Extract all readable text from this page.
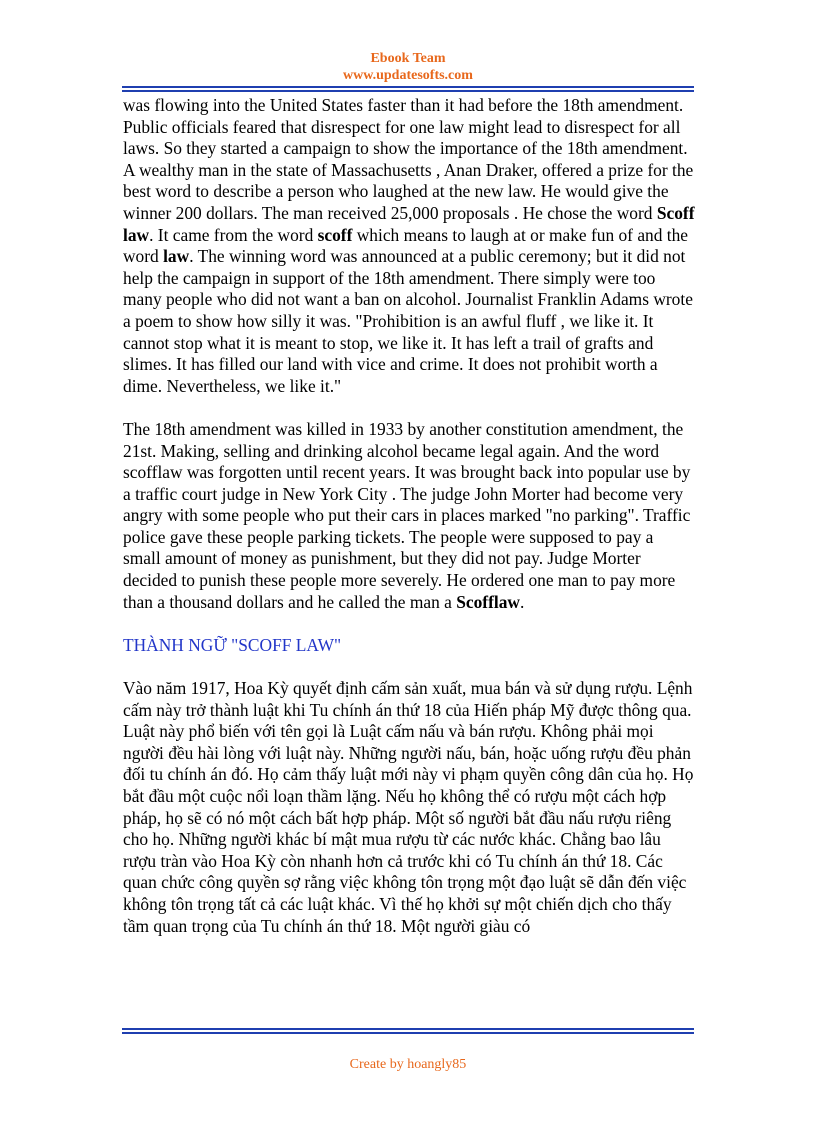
Ebook Team
www.updatesofts.com

was flowing into the United States faster than it had before the 18th amendment. Public officials feared that disrespect for one law might lead to disrespect for all laws. So they started a campaign to show the importance of the 18th amendment. A wealthy man in the state of Massachusetts , Anan Draker, offered a prize for the best word to describe a person who laughed at the new law. He would give the winner 200 dollars. The man received 25,000 proposals . He chose the word Scoff law. It came from the word scoff which means to laugh at or make fun of and the word law. The winning word was announced at a public ceremony; but it did not help the campaign in support of the 18th amendment. There simply were too many people who did not want a ban on alcohol. Journalist Franklin Adams wrote a poem to show how silly it was. "Prohibition is an awful fluff , we like it. It cannot stop what it is meant to stop, we like it. It has left a trail of grafts and slimes. It has filled our land with vice and crime. It does not prohibit worth a dime. Nevertheless, we like it."

The 18th amendment was killed in 1933 by another constitution amendment, the 21st. Making, selling and drinking alcohol became legal again. And the word scofflaw was forgotten until recent years. It was brought back into popular use by a traffic court judge in New York City . The judge John Morter had become very angry with some people who put their cars in places marked "no parking". Traffic police gave these people parking tickets. The people were supposed to pay a small amount of money as punishment, but they did not pay. Judge Morter decided to punish these people more severely. He ordered one man to pay more than a thousand dollars and he called the man a Scofflaw.

THÀNH NGỮ "SCOFF LAW"

Vào năm 1917, Hoa Kỳ quyết định cấm sản xuất, mua bán và sử dụng rượu. Lệnh cấm này trở thành luật khi Tu chính án thứ 18 của Hiến pháp Mỹ được thông qua. Luật này phổ biến với tên gọi là Luật cấm nấu và bán rượu. Không phải mọi người đều hài lòng với luật này. Những người nấu, bán, hoặc uống rượu đều phản đối tu chính án đó. Họ cảm thấy luật mới này vi phạm quyền công dân của họ. Họ bắt đầu một cuộc nổi loạn thầm lặng. Nếu họ không thể có rượu một cách hợp pháp, họ sẽ có nó một cách bất hợp pháp. Một số người bắt đầu nấu rượu riêng cho họ. Những người khác bí mật mua rượu từ các nước khác. Chẳng bao lâu rượu tràn vào Hoa Kỳ còn nhanh hơn cả trước khi có Tu chính án thứ 18. Các quan chức công quyền sợ rằng việc không tôn trọng một đạo luật sẽ dẫn đến việc không tôn trọng tất cả các luật khác. Vì thế họ khởi sự một chiến dịch cho thấy tầm quan trọng của Tu chính án thứ 18. Một người giàu có

Create by hoangly85
